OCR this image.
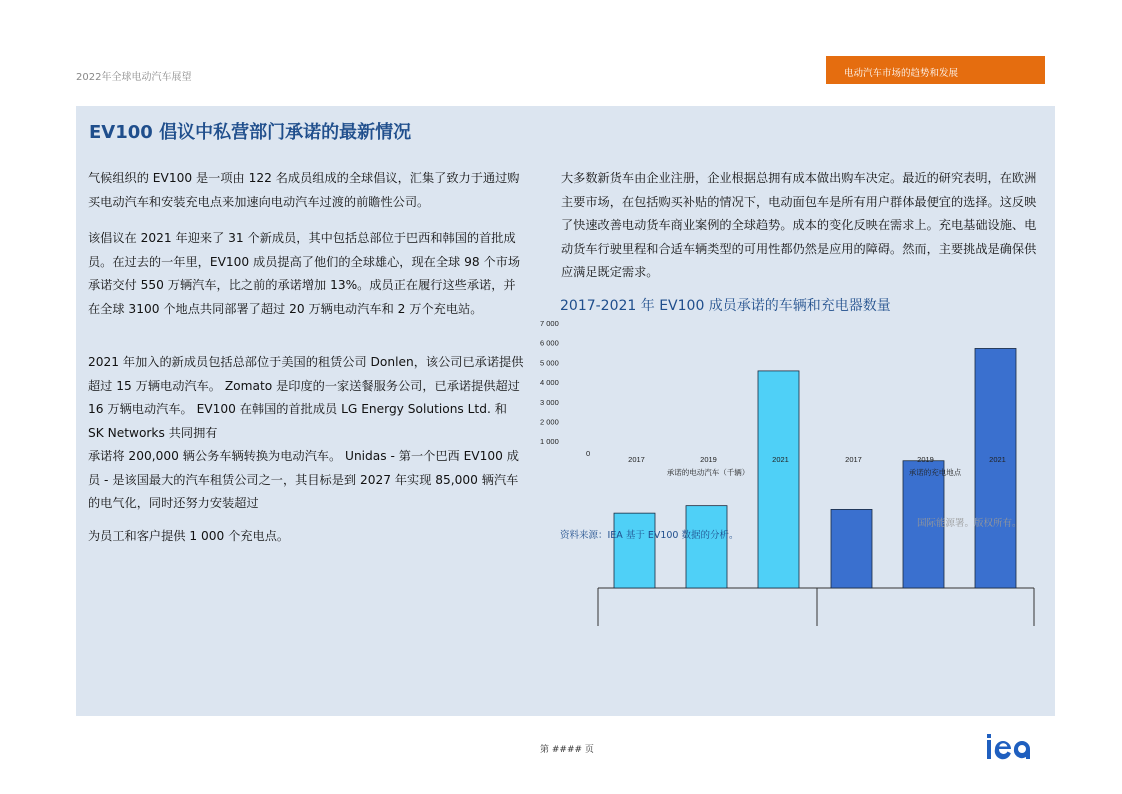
2022年全球电动汽车展望	电动汽车市场的趋势和发展
EV100 倡议中私营部门承诺的最新情况
气候组织的 EV100 是一项由 122 名成员组成的全球倡议，汇集了致力于通过购买电动汽车和安装充电点来加速向电动汽车过渡的前瞻性公司。
该倡议在 2021 年迎来了 31 个新成员，其中包括总部位于巴西和韩国的首批成员。在过去的一年里，EV100 成员提高了他们的全球雄心，现在全球 98 个市场承诺交付 550 万辆汽车，比之前的承诺增加 13%。成员正在履行这些承诺，并在全球 3100 个地点共同部署了超过 20 万辆电动汽车和 2 万个充电站。
2021 年加入的新成员包括总部位于美国的租赁公司 Donlen，该公司已承诺提供超过 15 万辆电动汽车。 Zomato 是印度的一家送餐服务公司，已承诺提供超过 16 万辆电动汽车。 EV100 在韩国的首批成员 LG Energy Solutions Ltd. 和 SK Networks 共同拥有
承诺将 200,000 辆公务车辆转换为电动汽车。 Unidas - 第一个巴西 EV100 成员 - 是该国最大的汽车租赁公司之一，其目标是到 2027 年实现 85,000 辆汽车的电气化，同时还努力安装超过
为员工和客户提供 1 000 个充电点。
大多数新货车由企业注册，企业根据总拥有成本做出购车决定。最近的研究表明，在欧洲主要市场，在包括购买补贴的情况下，电动面包车是所有用户群体最便宜的选择。这反映了快速改善电动货车商业案例的全球趋势。成本的变化反映在需求上。充电基础设施、电动货车行驶里程和合适车辆类型的可用性都仍然是应用的障碍。然而，主要挑战是确保供应满足既定需求。
2017-2021 年 EV100 成员承诺的车辆和充电器数量
7 000
6 000
5 000
4 000
3 000
2 000
1 000
0
2017	2019	2021
承诺的电动汽车（千辆）
2017	2019	2021
承诺的充电地点
资料来源：IEA 基于 EV100 数据的分析。
国际能源署。版权所有。
第 #### 页
